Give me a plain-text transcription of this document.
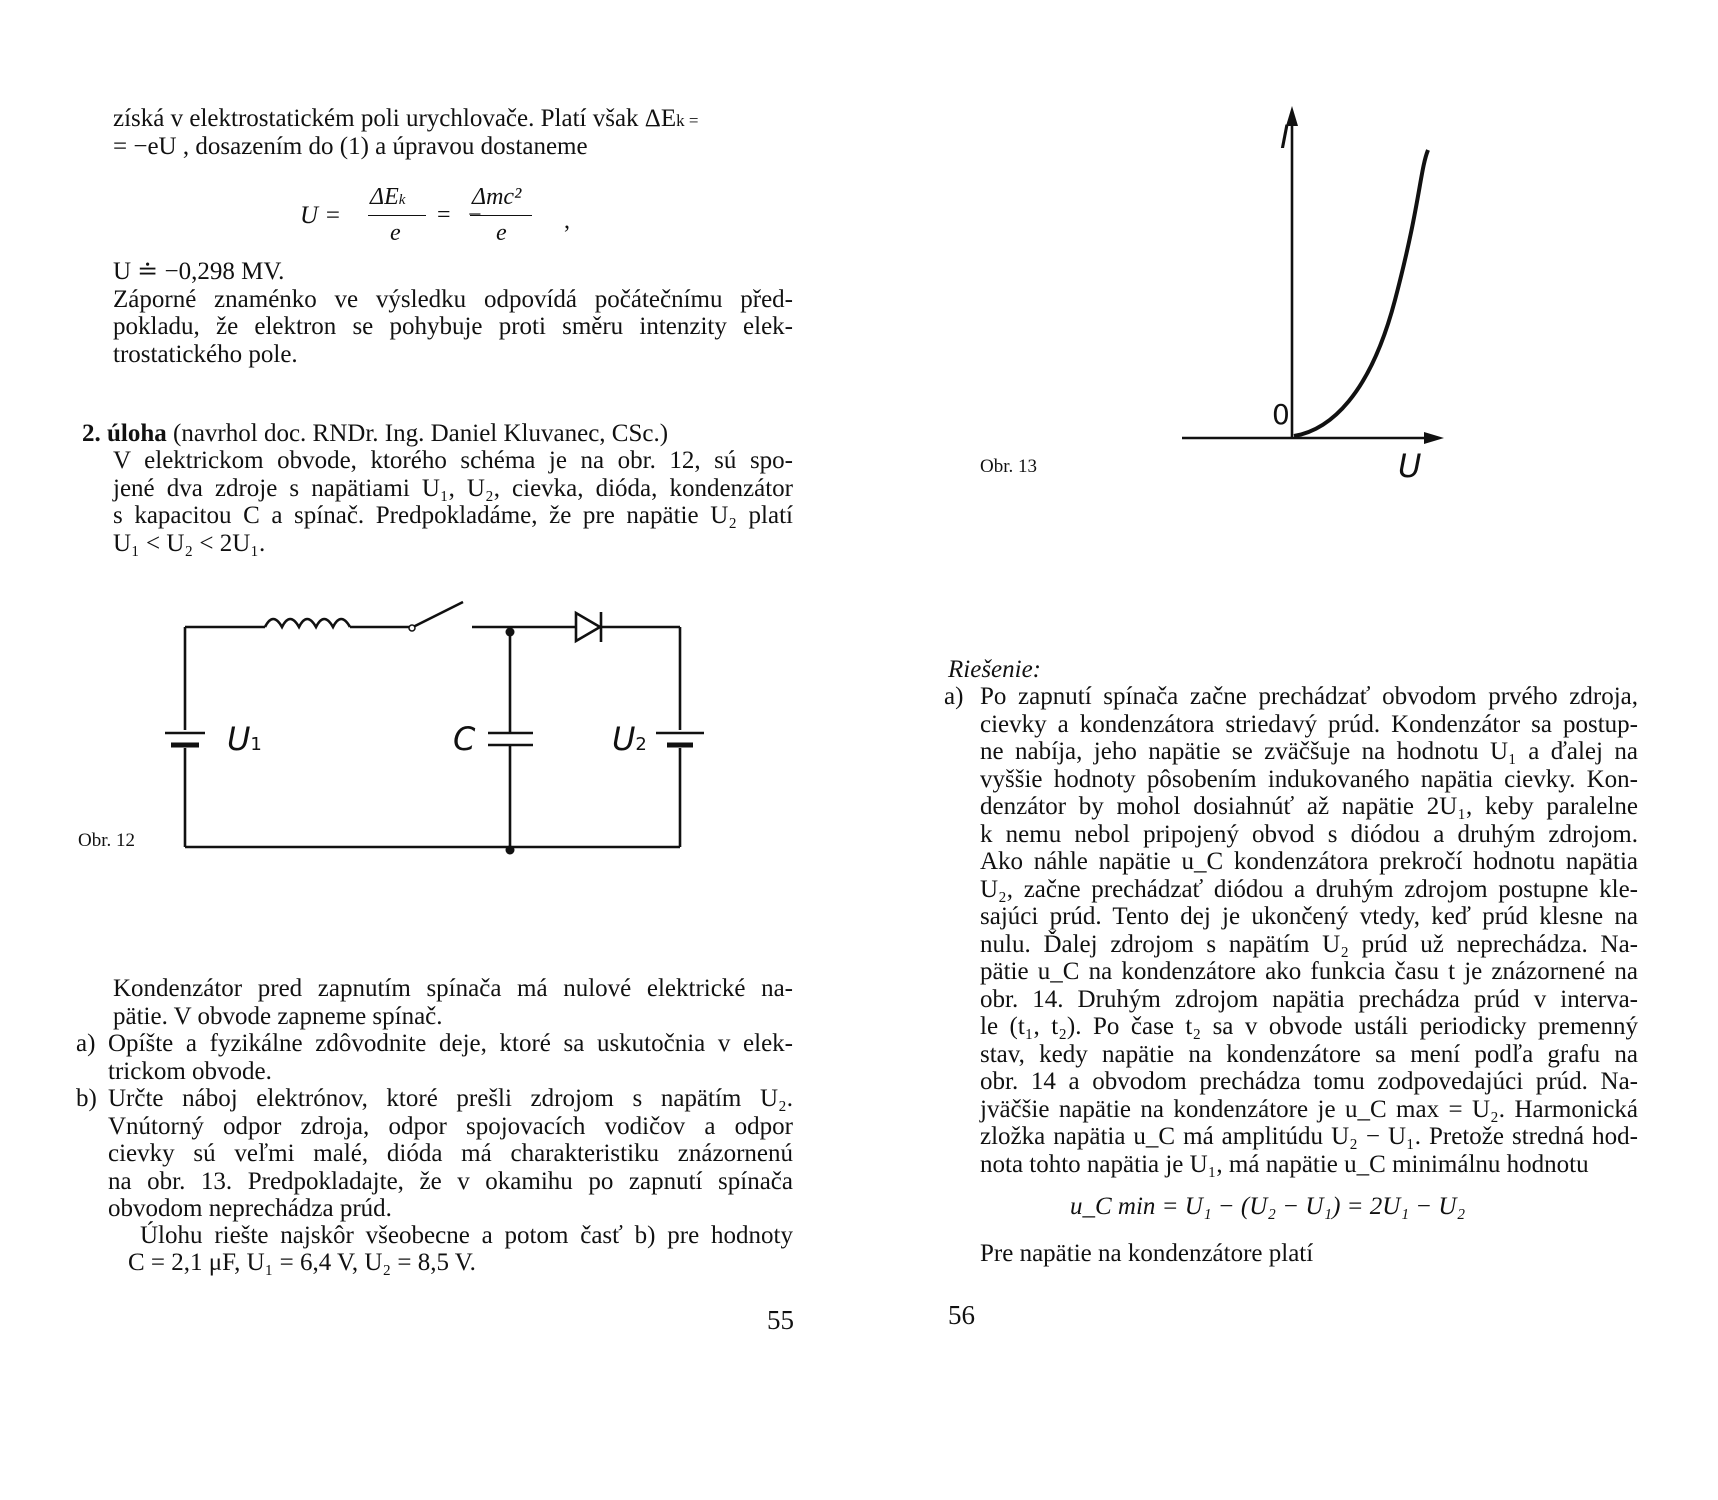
získá v elektrostatickém poli urychlovače. Platí však ΔEk =
= −eU , dosazením do (1) a úpravou dostaneme
U =
ΔEk
e
= −
Δmc²
e ,
U ≐ −0,298 MV.
Záporné znaménko ve výsledku odpovídá počátečnímu před-
pokladu, že elektron se pohybuje proti směru intenzity elek-
trostatického pole.
2. úloha (navrhol doc. RNDr. Ing. Daniel Kluvanec, CSc.)
V elektrickom obvode, ktorého schéma je na obr. 12, sú spo-
jené dva zdroje s napätiami U₁, U₂, cievka, dióda, kondenzátor
s kapacitou C a spínač. Predpokladáme, že pre napätie U₂ platí
U₁ < U₂ < 2U₁.
U1	C	U2
Obr. 12
Kondenzátor pred zapnutím spínača má nulové elektrické na-
pätie. V obvode zapneme spínač.
a) Opíšte a fyzikálne zdôvodnite deje, ktoré sa uskutočnia v elek-
trickom obvode.
b) Určte náboj elektrónov, ktoré prešli zdrojom s napätím U₂.
Vnútorný odpor zdroja, odpor spojovacích vodičov a odpor
cievky sú veľmi malé, dióda má charakteristiku znázornenú
na obr. 13. Predpokladajte, že v okamihu po zapnutí spínača
obvodom neprechádza prúd.
Úlohu riešte najskôr všeobecne a potom časť b) pre hodnoty
C = 2,1 μF, U₁ = 6,4 V, U₂ = 8,5 V.
55
I
0
U
Obr. 13
Riešenie:
a) Po zapnutí spínača začne prechádzať obvodom prvého zdroja,
cievky a kondenzátora striedavý prúd. Kondenzátor sa postup-
ne nabíja, jeho napätie se zväčšuje na hodnotu U₁ a ďalej na
vyššie hodnoty pôsobením indukovaného napätia cievky. Kon-
denzátor by mohol dosiahnúť až napätie 2U₁, keby paralelne
k nemu nebol pripojený obvod s diódou a druhým zdrojom.
Ako náhle napätie u_C kondenzátora prekročí hodnotu napätia
U₂, začne prechádzať diódou a druhým zdrojom postupne kle-
sajúci prúd. Tento dej je ukončený vtedy, keď prúd klesne na
nulu. Ďalej zdrojom s napätím U₂ prúd už neprechádza. Na-
pätie u_C na kondenzátore ako funkcia času t je znázornené na
obr. 14. Druhým zdrojom napätia prechádza prúd v interva-
le (t₁, t₂). Po čase t₂ sa v obvode ustáli periodicky premenný
stav, kedy napätie na kondenzátore sa mení podľa grafu na
obr. 14 a obvodom prechádza tomu zodpovedajúci prúd. Na-
jväčšie napätie na kondenzátore je u_C max = U₂. Harmonická
zložka napätia u_C má amplitúdu U₂ − U₁. Pretože stredná hod-
nota tohto napätia je U₁, má napätie u_C minimálnu hodnotu
u_C min = U₁ − (U₂ − U₁) = 2U₁ − U₂
Pre napätie na kondenzátore platí
56
